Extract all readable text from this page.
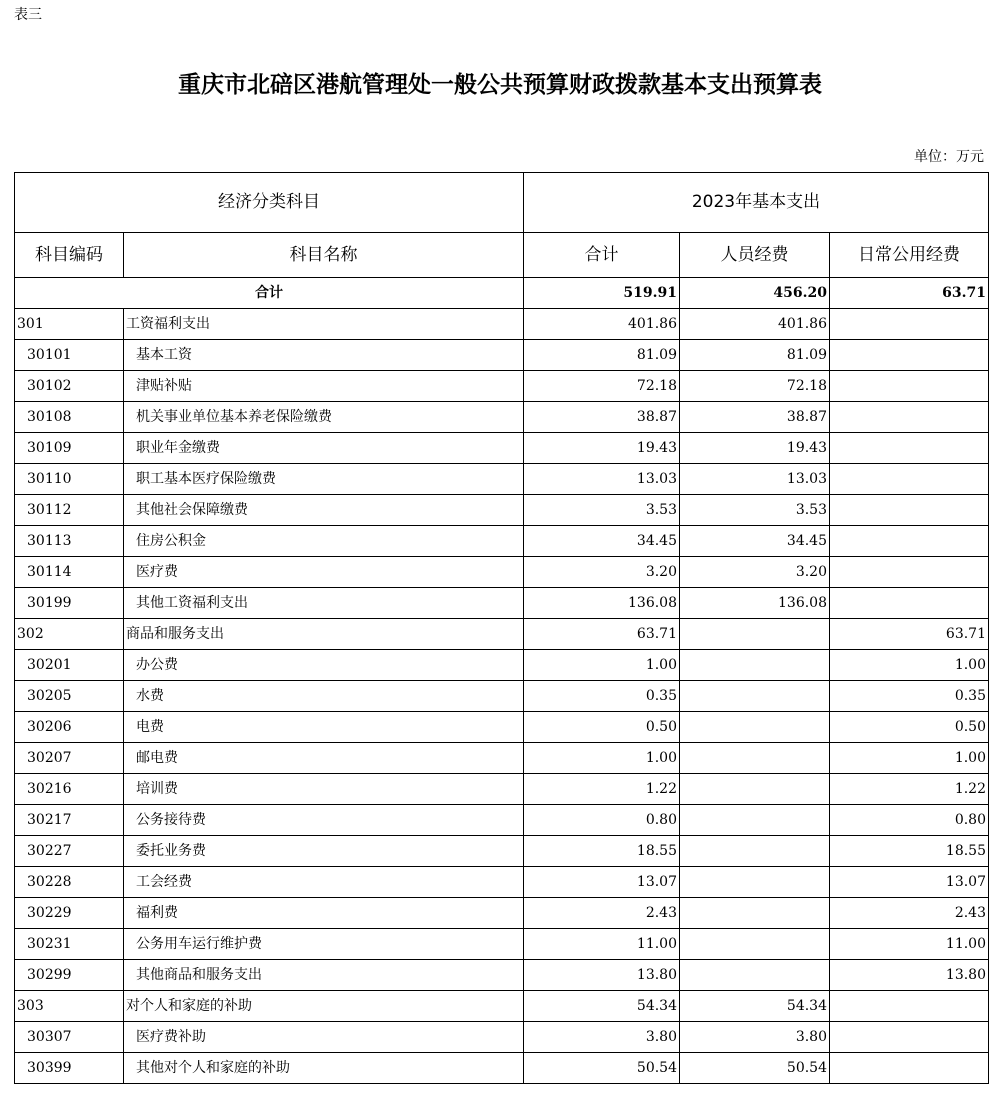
表三
重庆市北碚区港航管理处一般公共预算财政拨款基本支出预算表
单位：万元
经济分类科目		2023年基本支出		
科目编码	科目名称	合计	人员经费	日常公用经费
合计		519.91	456.20	63.71
301	工资福利支出	401.86	401.86	
30101	基本工资	81.09	81.09	
30102	津贴补贴	72.18	72.18	
30108	机关事业单位基本养老保险缴费	38.87	38.87	
30109	职业年金缴费	19.43	19.43	
30110	职工基本医疗保险缴费	13.03	13.03	
30112	其他社会保障缴费	3.53	3.53	
30113	住房公积金	34.45	34.45	
30114	医疗费	3.20	3.20	
30199	其他工资福利支出	136.08	136.08	
302	商品和服务支出	63.71		63.71
30201	办公费	1.00		1.00
30205	水费	0.35		0.35
30206	电费	0.50		0.50
30207	邮电费	1.00		1.00
30216	培训费	1.22		1.22
30217	公务接待费	0.80		0.80
30227	委托业务费	18.55		18.55
30228	工会经费	13.07		13.07
30229	福利费	2.43		2.43
30231	公务用车运行维护费	11.00		11.00
30299	其他商品和服务支出	13.80		13.80
303	对个人和家庭的补助	54.34	54.34	
30307	医疗费补助	3.80	3.80	
30399	其他对个人和家庭的补助	50.54	50.54	
